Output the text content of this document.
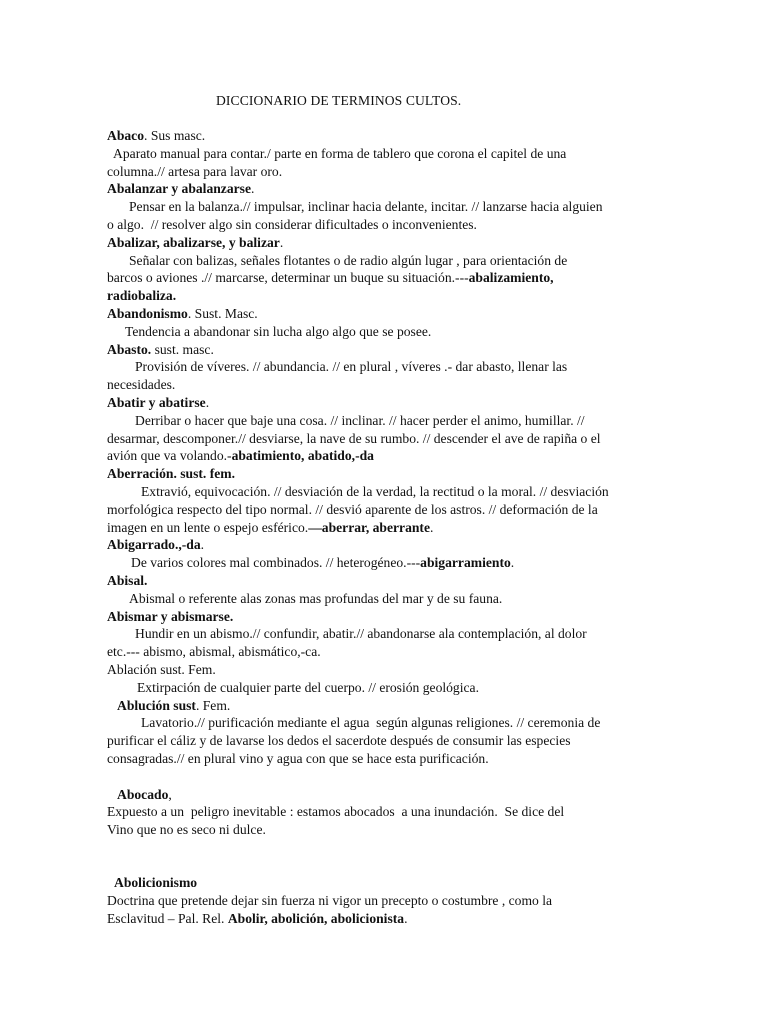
DICCIONARIO DE TERMINOS CULTOS.
Abaco. Sus masc.
Aparato manual para contar./ parte en forma de tablero que corona el capitel de una
columna.// artesa para lavar oro.
Abalanzar y abalanzarse.
Pensar en la balanza.// impulsar, inclinar hacia delante, incitar. // lanzarse hacia alguien
o algo.  // resolver algo sin considerar dificultades o inconvenientes.
Abalizar, abalizarse, y balizar.
Señalar con balizas, señales flotantes o de radio algún lugar , para orientación de
barcos o aviones .// marcarse, determinar un buque su situación.---abalizamiento,
radiobaliza.
Abandonismo. Sust. Masc.
Tendencia a abandonar sin lucha algo algo que se posee.
Abasto. sust. masc.
Provisión de víveres. // abundancia. // en plural , víveres .- dar abasto, llenar las
necesidades.
Abatir y abatirse.
Derribar o hacer que baje una cosa. // inclinar. // hacer perder el animo, humillar. //
desarmar, descomponer.// desviarse, la nave de su rumbo. // descender el ave de rapiña o el
avión que va volando.-abatimiento, abatido,-da
Aberración. sust. fem.
Extravió, equivocación. // desviación de la verdad, la rectitud o la moral. // desviación
morfológica respecto del tipo normal. // desvió aparente de los astros. // deformación de la
imagen en un lente o espejo esférico.—aberrar, aberrante.
Abigarrado.,-da.
De varios colores mal combinados. // heterogéneo.---abigarramiento.
Abisal.
Abismal o referente alas zonas mas profundas del mar y de su fauna.
Abismar y abismarse.
Hundir en un abismo.// confundir, abatir.// abandonarse ala contemplación, al dolor
etc.--- abismo, abismal, abismático,-ca.
Ablación sust. Fem.
Extirpación de cualquier parte del cuerpo. // erosión geológica.
Ablución sust. Fem.
Lavatorio.// purificación mediante el agua  según algunas religiones. // ceremonia de
purificar el cáliz y de lavarse los dedos el sacerdote después de consumir las especies
consagradas.// en plural vino y agua con que se hace esta purificación.
Abocado,
Expuesto a un  peligro inevitable : estamos abocados  a una inundación.  Se dice del
Vino que no es seco ni dulce.
Abolicionismo
Doctrina que pretende dejar sin fuerza ni vigor un precepto o costumbre , como la
Esclavitud – Pal. Rel. Abolir, abolición, abolicionista.
